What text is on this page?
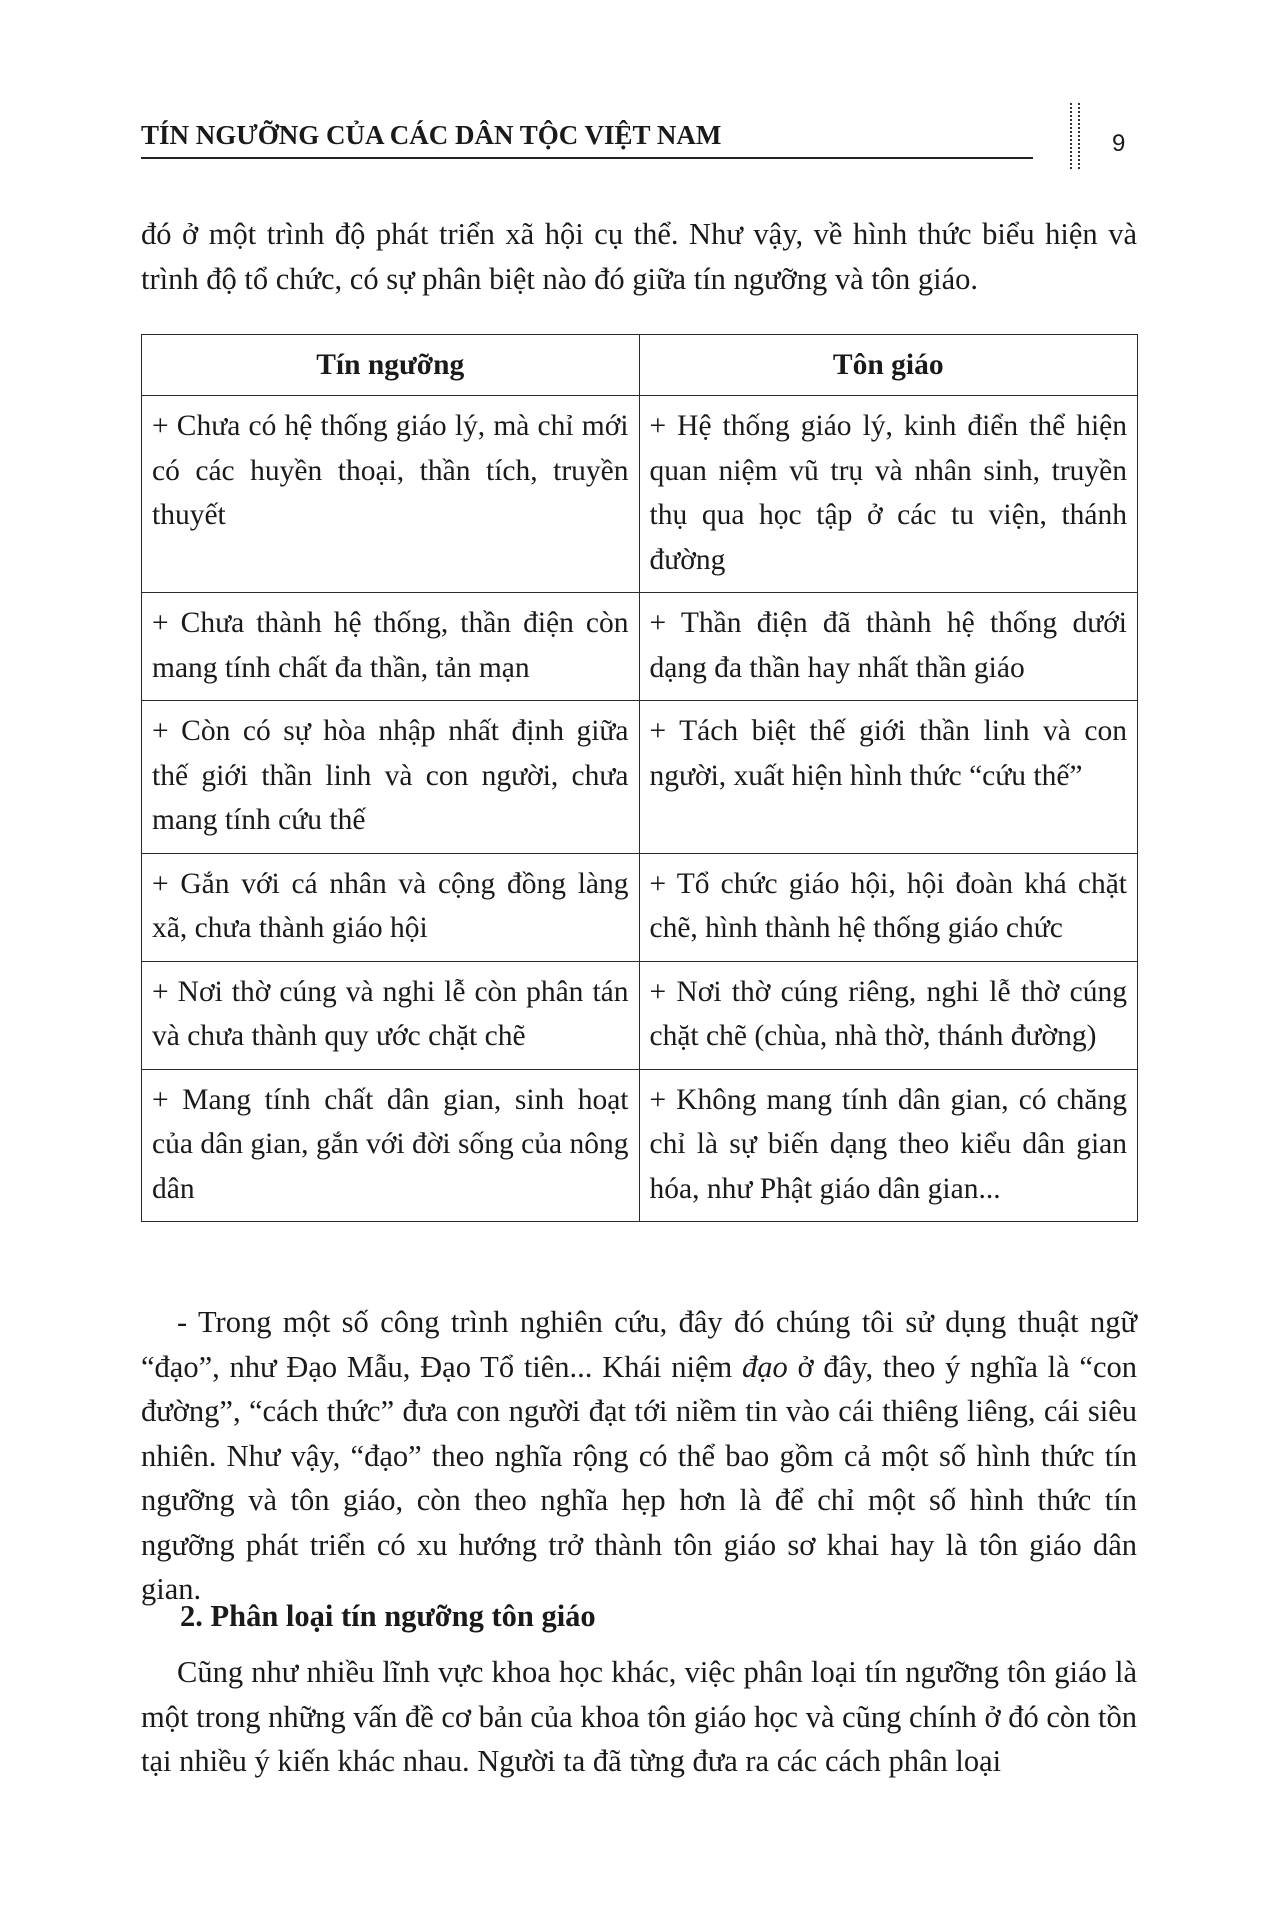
TÍN NGƯỠNG CỦA CÁC DÂN TỘC VIỆT NAM	9
đó ở một trình độ phát triển xã hội cụ thể. Như vậy, về hình thức biểu hiện và trình độ tổ chức, có sự phân biệt nào đó giữa tín ngưỡng và tôn giáo.
Tín ngưỡng	Tôn giáo
+ Chưa có hệ thống giáo lý, mà chỉ mới có các huyền thoại, thần tích, truyền thuyết	+ Hệ thống giáo lý, kinh điển thể hiện quan niệm vũ trụ và nhân sinh, truyền thụ qua học tập ở các tu viện, thánh đường
+ Chưa thành hệ thống, thần điện còn mang tính chất đa thần, tản mạn	+ Thần điện đã thành hệ thống dưới dạng đa thần hay nhất thần giáo
+ Còn có sự hòa nhập nhất định giữa thế giới thần linh và con người, chưa mang tính cứu thế	+ Tách biệt thế giới thần linh và con người, xuất hiện hình thức “cứu thế”
+ Gắn với cá nhân và cộng đồng làng xã, chưa thành giáo hội	+ Tổ chức giáo hội, hội đoàn khá chặt chẽ, hình thành hệ thống giáo chức
+ Nơi thờ cúng và nghi lễ còn phân tán và chưa thành quy ước chặt chẽ	+ Nơi thờ cúng riêng, nghi lễ thờ cúng chặt chẽ (chùa, nhà thờ, thánh đường)
+ Mang tính chất dân gian, sinh hoạt của dân gian, gắn với đời sống của nông dân	+ Không mang tính dân gian, có chăng chỉ là sự biến dạng theo kiểu dân gian hóa, như Phật giáo dân gian...
- Trong một số công trình nghiên cứu, đây đó chúng tôi sử dụng thuật ngữ “đạo”, như Đạo Mẫu, Đạo Tổ tiên... Khái niệm đạo ở đây, theo ý nghĩa là “con đường”, “cách thức” đưa con người đạt tới niềm tin vào cái thiêng liêng, cái siêu nhiên. Như vậy, “đạo” theo nghĩa rộng có thể bao gồm cả một số hình thức tín ngưỡng và tôn giáo, còn theo nghĩa hẹp hơn là để chỉ một số hình thức tín ngưỡng phát triển có xu hướng trở thành tôn giáo sơ khai hay là tôn giáo dân gian.
2. Phân loại tín ngưỡng tôn giáo
Cũng như nhiều lĩnh vực khoa học khác, việc phân loại tín ngưỡng tôn giáo là một trong những vấn đề cơ bản của khoa tôn giáo học và cũng chính ở đó còn tồn tại nhiều ý kiến khác nhau. Người ta đã từng đưa ra các cách phân loại
